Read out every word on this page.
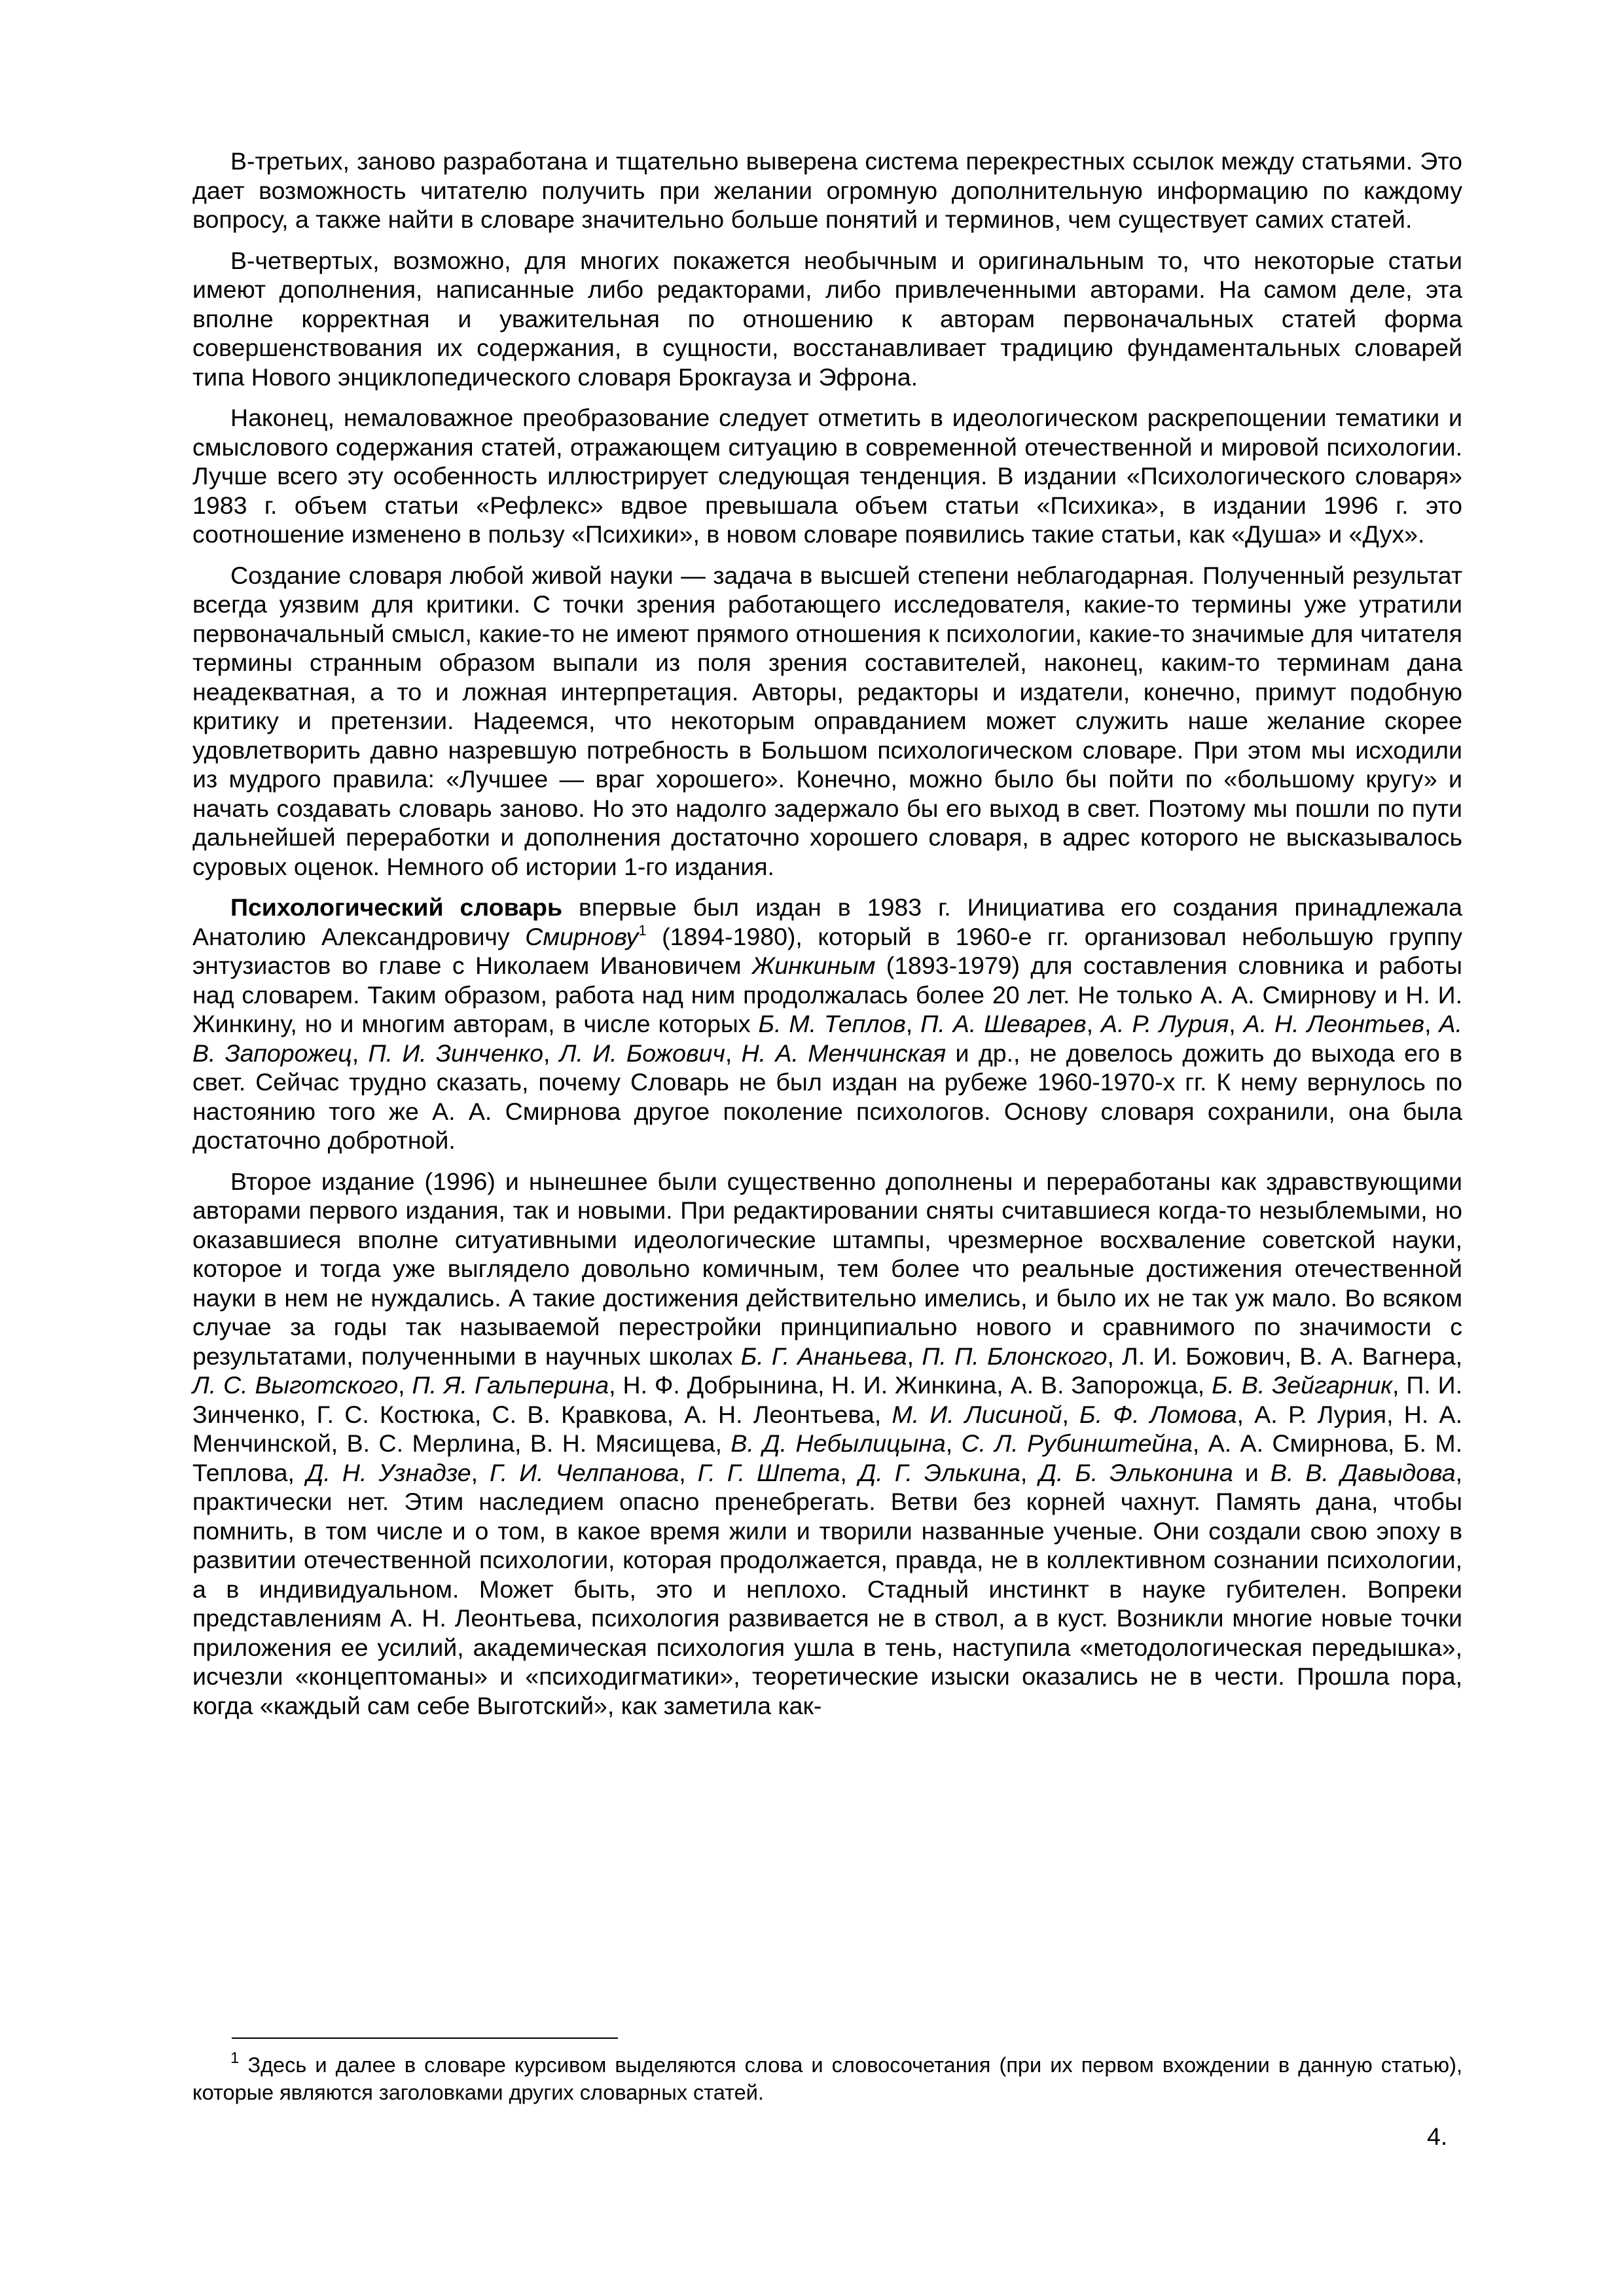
В-третьих, заново разработана и тщательно выверена система перекрестных ссылок между статьями. Это дает возможность читателю получить при желании огромную дополнительную информацию по каждому вопросу, а также найти в словаре значительно больше понятий и терминов, чем существует самих статей.

В-четвертых, возможно, для многих покажется необычным и оригинальным то, что некоторые статьи имеют дополнения, написанные либо редакторами, либо привлеченными авторами. На самом деле, эта вполне корректная и уважительная по отношению к авторам первоначальных статей форма совершенствования их содержания, в сущности, восстанавливает традицию фундаментальных словарей типа Нового энциклопедического словаря Брокгауза и Эфрона.

Наконец, немаловажное преобразование следует отметить в идеологическом раскрепощении тематики и смыслового содержания статей, отражающем ситуацию в современной отечественной и мировой психологии. Лучше всего эту особенность иллюстрирует следующая тенденция. В издании «Психологического словаря» 1983 г. объем статьи «Рефлекс» вдвое превышала объем статьи «Психика», в издании 1996 г. это соотношение изменено в пользу «Психики», в новом словаре появились такие статьи, как «Душа» и «Дух».

Создание словаря любой живой науки — задача в высшей степени неблагодарная. Полученный результат всегда уязвим для критики. С точки зрения работающего исследователя, какие-то термины уже утратили первоначальный смысл, какие-то не имеют прямого отношения к психологии, какие-то значимые для читателя термины странным образом выпали из поля зрения составителей, наконец, каким-то терминам дана неадекватная, а то и ложная интерпретация. Авторы, редакторы и издатели, конечно, примут подобную критику и претензии. Надеемся, что некоторым оправданием может служить наше желание скорее удовлетворить давно назревшую потребность в Большом психологическом словаре. При этом мы исходили из мудрого правила: «Лучшее — враг хорошего». Конечно, можно было бы пойти по «большому кругу» и начать создавать словарь заново. Но это надолго задержало бы его выход в свет. Поэтому мы пошли по пути дальнейшей переработки и дополнения достаточно хорошего словаря, в адрес которого не высказывалось суровых оценок. Немного об истории 1-го издания.

Психологический словарь впервые был издан в 1983 г. Инициатива его создания принадлежала Анатолию Александровичу Смирнову$^1$ (1894-1980), который в 1960-е гг. организовал небольшую группу энтузиастов во главе с Николаем Ивановичем Жинкиным (1893-1979) для составления словника и работы над словарем. Таким образом, работа над ним продолжалась более 20 лет. Не только А. А. Смирнову и Н. И. Жинкину, но и многим авторам, в числе которых Б. М. Теплов, П. А. Шеварев, А. Р. Лурия, А. Н. Леонтьев, А. В. Запорожец, П. И. Зинченко, Л. И. Божович, Н. А. Менчинская и др., не довелось дожить до выхода его в свет. Сейчас трудно сказать, почему Словарь не был издан на рубеже 1960-1970-х гг. К нему вернулось по настоянию того же А. А. Смирнова другое поколение психологов. Основу словаря сохранили, она была достаточно добротной.

Второе издание (1996) и нынешнее были существенно дополнены и переработаны как здравствующими авторами первого издания, так и новыми. При редактировании сняты считавшиеся когда-то незыблемыми, но оказавшиеся вполне ситуативными идеологические штампы, чрезмерное восхваление советской науки, которое и тогда уже выглядело довольно комичным, тем более что реальные достижения отечественной науки в нем не нуждались. А такие достижения действительно имелись, и было их не так уж мало. Во всяком случае за годы так называемой перестройки принципиально нового и сравнимого по значимости с результатами, полученными в научных школах Б. Г. Ананьева, П. П. Блонского, Л. И. Божович, В. А. Вагнера, Л. С. Выготского, П. Я. Гальперина, Н. Ф. Добрынина, Н. И. Жинкина, А. В. Запорожца, Б. В. Зейгарник, П. И. Зинченко, Г. С. Костюка, С. В. Кравкова, А. Н. Леонтьева, М. И. Лисиной, Б. Ф. Ломова, А. Р. Лурия, Н. А. Менчинской, В. С. Мерлина, В. Н. Мясищева, В. Д. Небылицына, С. Л. Рубинштейна, А. А. Смирнова, Б. М. Теплова, Д. Н. Узнадзе, Г. И. Челпанова, Г. Г. Шпета, Д. Г. Элькина, Д. Б. Эльконина и В. В. Давыдова, практически нет. Этим наследием опасно пренебрегать. Ветви без корней чахнут. Память дана, чтобы помнить, в том числе и о том, в какое время жили и творили названные ученые. Они создали свою эпоху в развитии отечественной психологии, которая продолжается, правда, не в коллективном сознании психологии, а в индивидуальном. Может быть, это и неплохо. Стадный инстинкт в науке губителен. Вопреки представлениям А. Н. Леонтьева, психология развивается не в ствол, а в куст. Возникли многие новые точки приложения ее усилий, академическая психология ушла в тень, наступила «методологическая передышка», исчезли «концептоманы» и «психодигматики», теоретические изыски оказались не в чести. Прошла пора, когда «каждый сам себе Выготский», как заметила как-

$^1$ Здесь и далее в словаре курсивом выделяются слова и словосочетания (при их первом вхождении в данную статью), которые являются заголовками других словарных статей.

4.
